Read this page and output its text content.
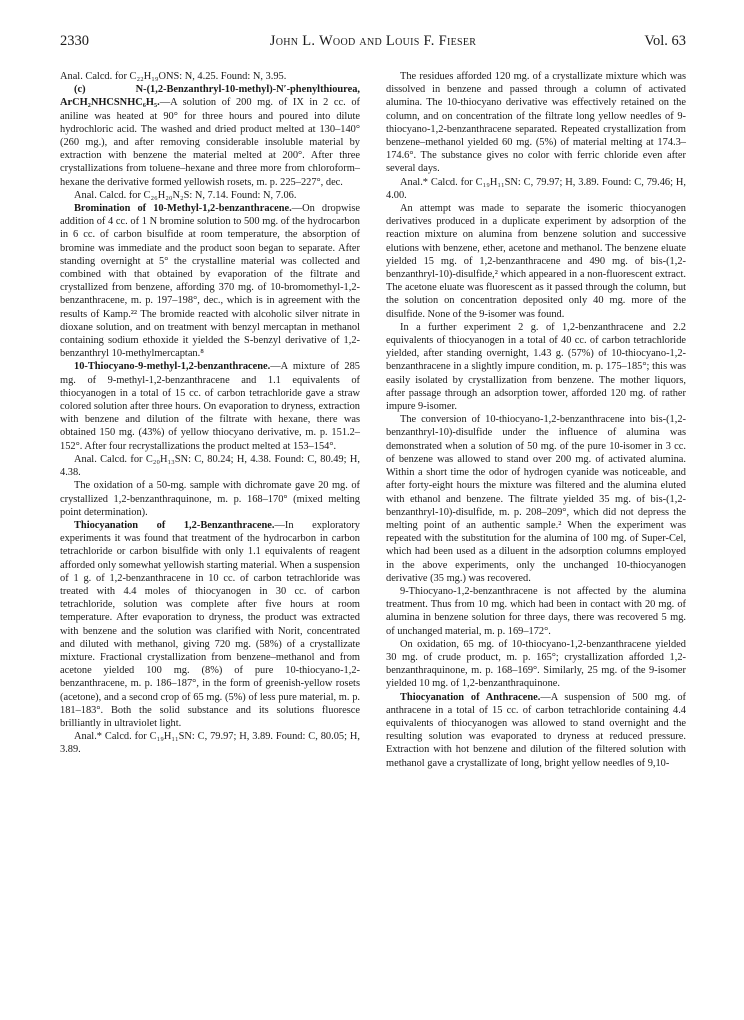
2330	John L. Wood and Louis F. Fieser	Vol. 63

Anal. Calcd. for C₂₂H₁₉ONS: N, 4.25. Found: N, 3.95.

(c) N-(1,2-Benzanthryl-10-methyl)-N′-phenylthiourea, ArCH₂NHCSNHC₆H₅.—A solution of 200 mg. of IX in 2 cc. of aniline was heated at 90° for three hours and poured into dilute hydrochloric acid. The washed and dried product melted at 130–140° (260 mg.), and after removing considerable insoluble material by extraction with benzene the material melted at 200°. After three crystallizations from toluene–hexane and three more from chloroform–hexane the derivative formed yellowish rosets, m. p. 225–227°, dec.

Anal. Calcd. for C₂₆H₂₀N₂S: N, 7.14. Found: N, 7.06.

Bromination of 10-Methyl-1,2-benzanthracene.—On dropwise addition of 4 cc. of 1 N bromine solution to 500 mg. of the hydrocarbon in 6 cc. of carbon bisulfide at room temperature, the absorption of bromine was immediate and the product soon began to separate. After standing overnight at 5° the crystalline material was collected and combined with that obtained by evaporation of the filtrate and crystallized from benzene, affording 370 mg. of 10-bromomethyl-1,2-benzanthracene, m. p. 197–198°, dec., which is in agreement with the results of Kamp.²² The bromide reacted with alcoholic silver nitrate in dioxane solution, and on treatment with benzyl mercaptan in methanol containing sodium ethoxide it yielded the S-benzyl derivative of 1,2-benzanthryl 10-methylmercaptan.⁸

10-Thiocyano-9-methyl-1,2-benzanthracene.—A mixture of 285 mg. of 9-methyl-1,2-benzanthracene and 1.1 equivalents of thiocyanogen in a total of 15 cc. of carbon tetrachloride gave a straw colored solution after three hours. On evaporation to dryness, extraction with benzene and dilution of the filtrate with hexane, there was obtained 150 mg. (43%) of yellow thiocyano derivative, m. p. 151.2–152°. After four recrystallizations the product melted at 153–154°.

Anal. Calcd. for C₂₀H₁₃SN: C, 80.24; H, 4.38. Found: C, 80.49; H, 4.38.

The oxidation of a 50-mg. sample with dichromate gave 20 mg. of crystallized 1,2-benzanthraquinone, m. p. 168–170° (mixed melting point determination).

Thiocyanation of 1,2-Benzanthracene.—In exploratory experiments it was found that treatment of the hydrocarbon in carbon tetrachloride or carbon bisulfide with only 1.1 equivalents of reagent afforded only somewhat yellowish starting material. When a suspension of 1 g. of 1,2-benzanthracene in 10 cc. of carbon tetrachloride was treated with 4.4 moles of thiocyanogen in 30 cc. of carbon tetrachloride, solution was complete after five hours at room temperature. After evaporation to dryness, the product was extracted with benzene and the solution was clarified with Norit, concentrated and diluted with methanol, giving 720 mg. (58%) of a crystallizate mixture. Fractional crystallization from benzene–methanol and from acetone yielded 100 mg. (8%) of pure 10-thiocyano-1,2-benzanthracene, m. p. 186–187°, in the form of greenish-yellow rosets (acetone), and a second crop of 65 mg. (5%) of less pure material, m. p. 181–183°. Both the solid substance and its solutions fluoresce brilliantly in ultraviolet light.

Anal.* Calcd. for C₁₉H₁₁SN: C, 79.97; H, 3.89. Found: C, 80.05; H, 3.89.

The residues afforded 120 mg. of a crystallizate mixture which was dissolved in benzene and passed through a column of activated alumina. The 10-thiocyano derivative was effectively retained on the column, and on concentration of the filtrate long yellow needles of 9-thiocyano-1,2-benzanthracene separated. Repeated crystallization from benzene–methanol yielded 60 mg. (5%) of material melting at 174.3–174.6°. The substance gives no color with ferric chloride even after several days.

Anal.* Calcd. for C₁₉H₁₁SN: C, 79.97; H, 3.89. Found: C, 79.46; H, 4.00.

An attempt was made to separate the isomeric thiocyanogen derivatives produced in a duplicate experiment by adsorption of the reaction mixture on alumina from benzene solution and successive elutions with benzene, ether, acetone and methanol. The benzene eluate yielded 15 mg. of 1,2-benzanthracene and 490 mg. of bis-(1,2-benzanthryl-10)-disulfide,² which appeared in a non-fluorescent extract. The acetone eluate was fluorescent as it passed through the column, but the solution on concentration deposited only 40 mg. more of the disulfide. None of the 9-isomer was found.

In a further experiment 2 g. of 1,2-benzanthracene and 2.2 equivalents of thiocyanogen in a total of 40 cc. of carbon tetrachloride yielded, after standing overnight, 1.43 g. (57%) of 10-thiocyano-1,2-benzanthracene in a slightly impure condition, m. p. 175–185°; this was easily isolated by crystallization from benzene. The mother liquors, after passage through an adsorption tower, afforded 120 mg. of rather impure 9-isomer.

The conversion of 10-thiocyano-1,2-benzanthracene into bis-(1,2-benzanthryl-10)-disulfide under the influence of alumina was demonstrated when a solution of 50 mg. of the pure 10-isomer in 3 cc. of benzene was allowed to stand over 200 mg. of activated alumina. Within a short time the odor of hydrogen cyanide was noticeable, and after forty-eight hours the mixture was filtered and the alumina eluted with ethanol and benzene. The filtrate yielded 35 mg. of bis-(1,2-benzanthryl-10)-disulfide, m. p. 208–209°, which did not depress the melting point of an authentic sample.² When the experiment was repeated with the substitution for the alumina of 100 mg. of Super-Cel, which had been used as a diluent in the adsorption columns employed in the above experiments, only the unchanged 10-thiocyanogen derivative (35 mg.) was recovered.

9-Thiocyano-1,2-benzanthracene is not affected by the alumina treatment. Thus from 10 mg. which had been in contact with 20 mg. of alumina in benzene solution for three days, there was recovered 5 mg. of unchanged material, m. p. 169–172°.

On oxidation, 65 mg. of 10-thiocyano-1,2-benzanthracene yielded 30 mg. of crude product, m. p. 165°; crystallization afforded 1,2-benzanthraquinone, m. p. 168–169°. Similarly, 25 mg. of the 9-isomer yielded 10 mg. of 1,2-benzanthraquinone.

Thiocyanation of Anthracene.—A suspension of 500 mg. of anthracene in a total of 15 cc. of carbon tetrachloride containing 4.4 equivalents of thiocyanogen was allowed to stand overnight and the resulting solution was evaporated to dryness at reduced pressure. Extraction with hot benzene and dilution of the filtered solution with methanol gave a crystallizate of long, bright yellow needles of 9,10-
